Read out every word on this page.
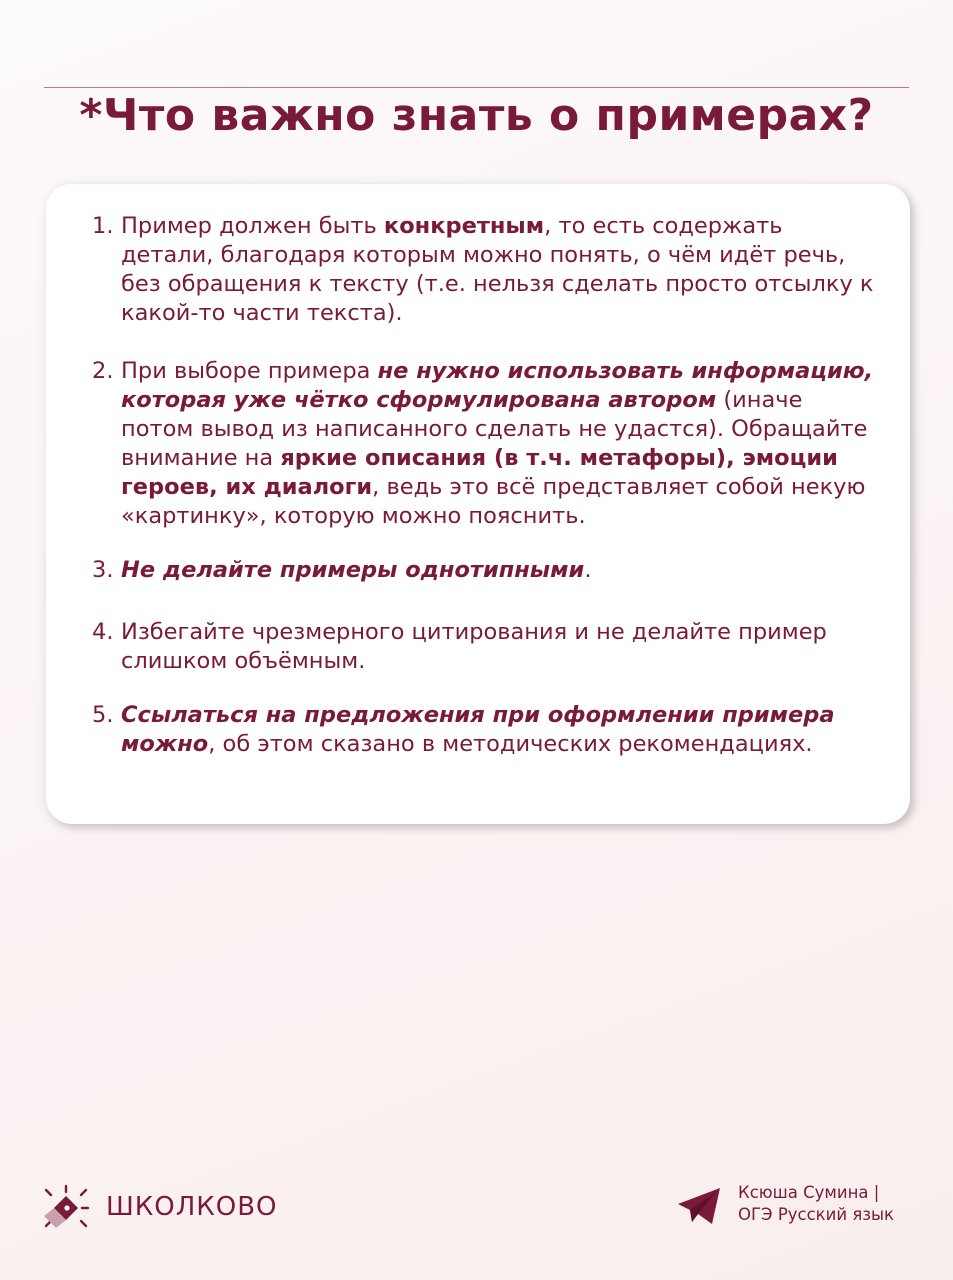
*Что важно знать о примерах?
1. Пример должен быть конкретным, то есть содержать детали, благодаря которым можно понять, о чём идёт речь, без обращения к тексту (т.е. нельзя сделать просто отсылку к какой-то части текста).
2. При выборе примера не нужно использовать информацию, которая уже чётко сформулирована автором (иначе потом вывод из написанного сделать не удастся). Обращайте внимание на яркие описания (в т.ч. метафоры), эмоции героев, их диалоги, ведь это всё представляет собой некую «картинку», которую можно пояснить.
3. Не делайте примеры однотипными.
4. Избегайте чрезмерного цитирования и не делайте пример слишком объёмным.
5. Ссылаться на предложения при оформлении примера можно, об этом сказано в методических рекомендациях.
ШКОЛКОВО	Ксюша Сумина |
ОГЭ Русский язык
